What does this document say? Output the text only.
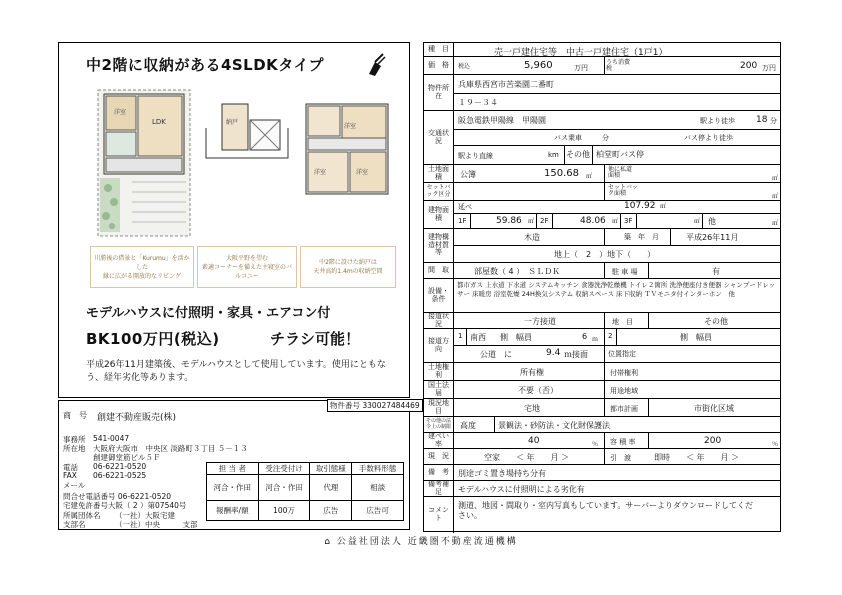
中2階に収納がある4SLDKタイプ
洋室
LDK	納戸
洋室
洋室	洋室
川勝後の借景と「Kurumu」を活かした
縁に広がる開放的なリビング
大阪平野を望む
素適コーナーを備えた主寝室のバルコニー
中2階に設けた納戸は
天井高約1.4mの収納空間
モデルハウスに付照明・家具・エアコン付
BK100万円(税込)	チラシ可能！
平成26年11月建築後、モデルハウスとして使用しています。使用にともなう、経年劣化等あります。
物件番号 330027484469
商　号 創建不動産販売(株)
事務所 541-0047
所在地 大阪府大阪市　中央区 淡路町３丁目 ５－１３
創建御堂筋ビル５Ｆ
電話 06-6221-0520
FAX 06-6221-0525
メール
問合せ電話番号 06-6221-0520
宅建免許番号大阪（ 2 ）第07540号
所属団体名 （一社）大阪宅建
支部名	（一社）中央　　　支部
担 当 者	受注受付け	取引態様	手数料形態
河合・作田	河合・作田	代理	相談
報酬率/額	100万	広告	広告可
種　目	売一戸建住宅等　中古一戸建住宅（1戸1）
価　格	税込	5,960	万円
うち消費税	200 万円
物件所在
兵庫県西宮市苦楽園二番町
１９－３４
交通状況
阪急電鉄甲陽線　甲陽園	駅より徒歩 18 分
バス乗車	分	バス停より徒歩
駅より直線	km その他 柏堂町バス停
土地面積	公簿	150.68 ㎡
他に私道面積	㎡
セットバック区分
セットバック面積	㎡
建物面積
延べ	107.92 ㎡
1F	59.86 ㎡ 2F	48.06 ㎡ 3F	㎡ 他	㎡
建物構造材質等
木造	築　年　月	平成26年11月
地上（　2　）地下（　　）
間　取	部屋数（ 4 ）　ＳＬＤＫ	駐 車 場	有
設備・条件
都市ガス 上水道 下水道 システムキッチン 食器洗浄乾燥機 トイレ２箇所 洗浄便座付き便器 シャンプードレッサー 床暖房 浴室乾燥 24H換気システム 収納スペース 床下収納 ＴＶモニタ付インターホン　他
接道状況	一方接道	地　目	その他
接道方向
1 南西 側　幅員	6 ｍ 2	側　幅員
公道　に	9.4 ｍ接面	位置指定
土地権利	所有権	付帯権利
国土法届	不要（否）	用途地域
現況地目	宅地	都市計画	市街化区域
その他の法令上の制限	高度	景観法・砂防法・文化財保護法
建ぺい率	40	％ 容 積 率	200	％
現　況	空家 ＜ 年　　月 ＞	引　渡	即時 ＜ 年　　月 ＞
備　考	別途ゴミ置き場持ち分有
備考補足	モデルハウスに付照明による劣化有
コメント
測道、地図・間取り・室内写真もしています。サーバーよりダウンロードしてください。
⌂ 公益社団法人 近畿圏不動産流通機構
